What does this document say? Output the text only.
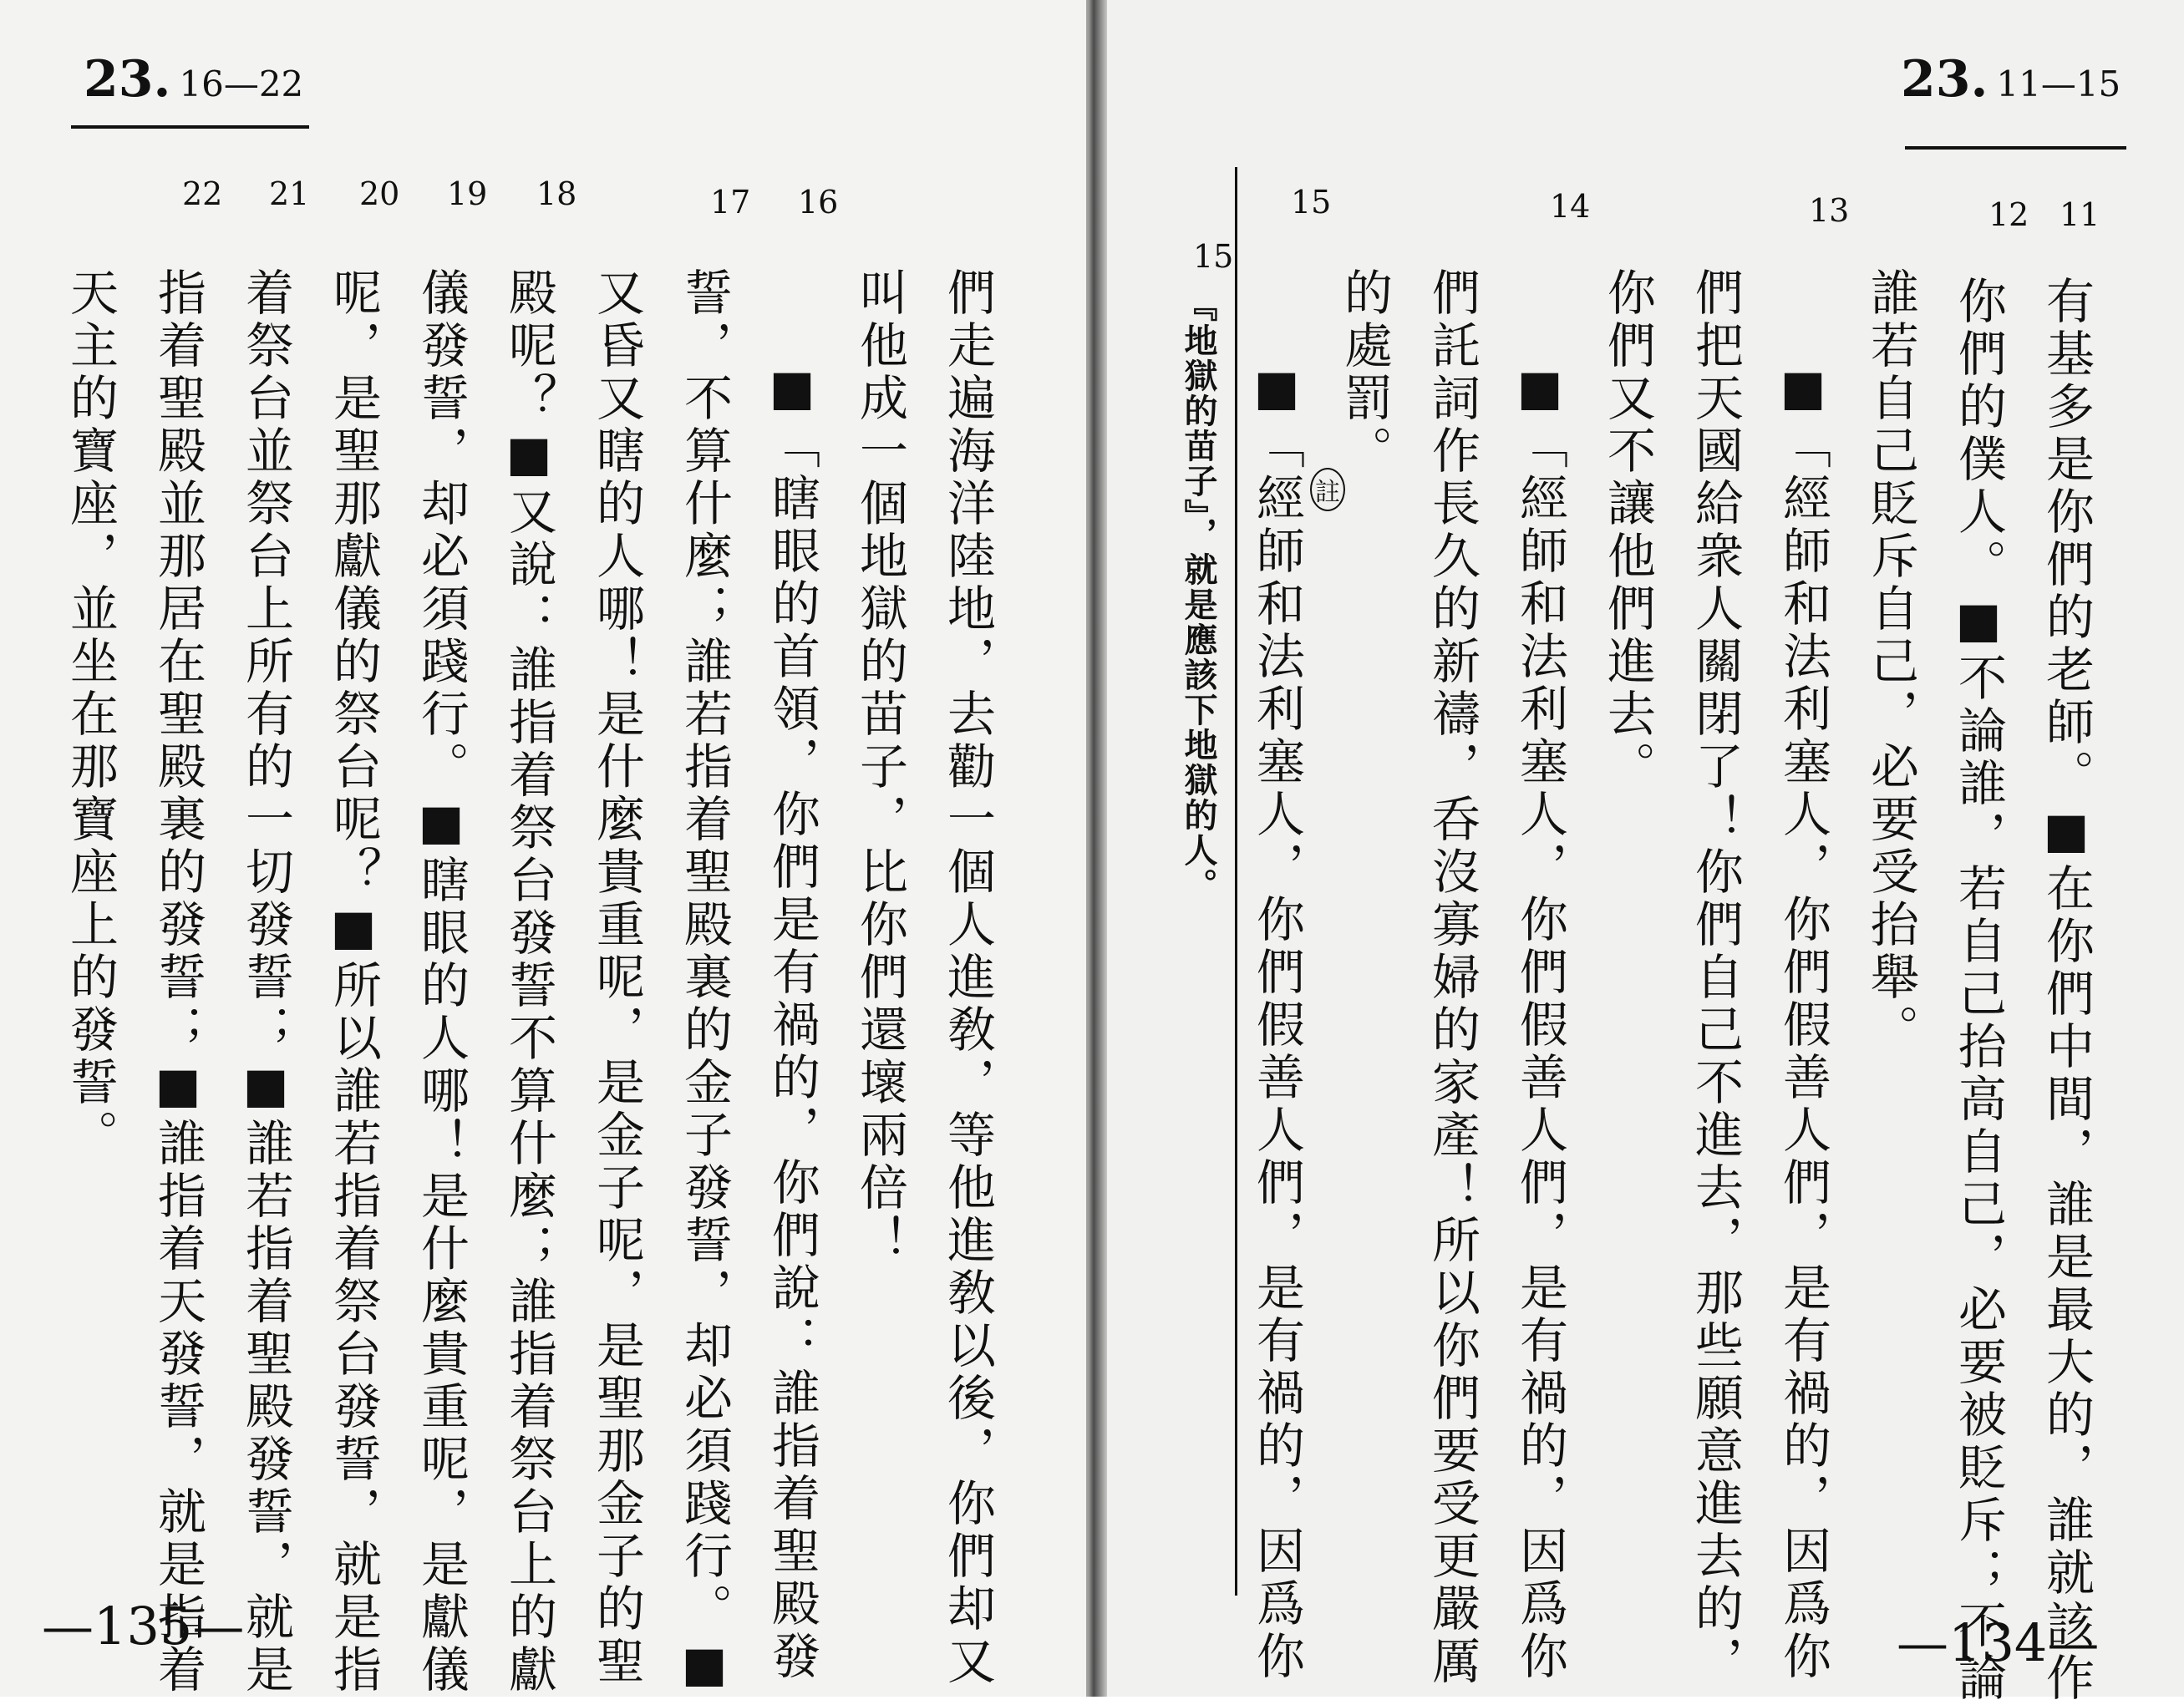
23. 16—22
22 21 20 19 18	17 16
們走遍海洋陸地，去勸一個人進敎，等他進敎以後，你們却又
叫他成一個地獄的苗子，比你們還壞兩倍！
■「瞎眼的首領，你們是有禍的，你們說：誰指着聖殿發
誓，不算什麼；誰若指着聖殿裏的金子發誓，却必須踐行。■
又昏又瞎的人哪！是什麼貴重呢，是金子呢，是聖那金子的聖
殿呢？■又說：誰指着祭台發誓不算什麼；誰指着祭台上的獻
儀發誓，却必須踐行。■瞎眼的人哪！是什麼貴重呢，是獻儀
呢，是聖那獻儀的祭台呢？■所以誰若指着祭台發誓，就是指
着祭台並祭台上所有的一切發誓；■誰若指着聖殿發誓，就是
指着聖殿並那居在聖殿裏的發誓；■誰指着天發誓，就是指着
天主的寶座，並坐在那寶座上的發誓。
—135—
23. 11—15
15	14	13	12 11
有基多是你們的老師。■在你們中間，誰是最大的，誰就該作
你們的僕人。■不論誰，若自己抬高自己，必要被貶斥；不論
誰若自己貶斥自己，必要受抬舉。
■「經師和法利塞人，你們假善人們，是有禍的，因爲你
們把天國給衆人關閉了！你們自己不進去，那些願意進去的，
你們又不讓他們進去。
■「經師和法利塞人，你們假善人們，是有禍的，因爲你
們託詞作長久的新禱，呑沒寡婦的家產！所以你們要受更嚴厲
的處罰。
■「經師和法利塞人，你們假善人們，是有禍的，因爲你 註
15
『地獄的苗子』，就是應該下地獄的人。
—134—
